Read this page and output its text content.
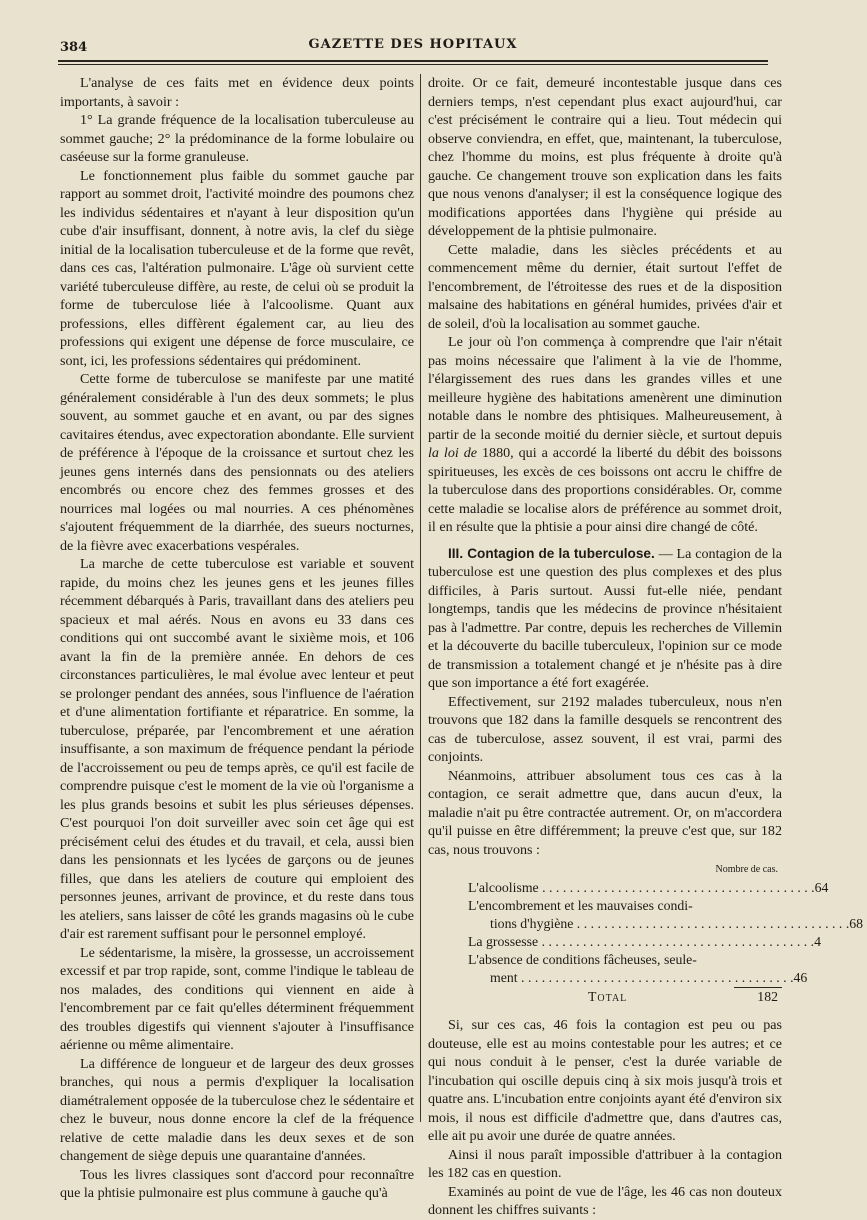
384	GAZETTE DES HOPITAUX

L'analyse de ces faits met en évidence deux points importants, à savoir :

1° La grande fréquence de la localisation tuberculeuse au sommet gauche; 2° la prédominance de la forme lobulaire ou caséeuse sur la forme granuleuse.

Le fonctionnement plus faible du sommet gauche par rapport au sommet droit, l'activité moindre des poumons chez les individus sédentaires et n'ayant à leur disposition qu'un cube d'air insuffisant, donnent, à notre avis, la clef du siège initial de la localisation tuberculeuse et de la forme que revêt, dans ces cas, l'altération pulmonaire. L'âge où survient cette variété tuberculeuse diffère, au reste, de celui où se produit la forme de tuberculose liée à l'alcoolisme. Quant aux professions, elles diffèrent également car, au lieu des professions qui exigent une dépense de force musculaire, ce sont, ici, les professions sédentaires qui prédominent.

Cette forme de tuberculose se manifeste par une matité généralement considérable à l'un des deux sommets; le plus souvent, au sommet gauche et en avant, ou par des signes cavitaires étendus, avec expectoration abondante. Elle survient de préférence à l'époque de la croissance et surtout chez les jeunes gens internés dans des pensionnats ou des ateliers encombrés ou encore chez des femmes grosses et des nourrices mal logées ou mal nourries. A ces phénomènes s'ajoutent fréquemment de la diarrhée, des sueurs nocturnes, de la fièvre avec exacerbations vespérales.

La marche de cette tuberculose est variable et souvent rapide, du moins chez les jeunes gens et les jeunes filles récemment débarqués à Paris, travaillant dans des ateliers peu spacieux et mal aérés. Nous en avons eu 33 dans ces conditions qui ont succombé avant le sixième mois, et 106 avant la fin de la première année. En dehors de ces circonstances particulières, le mal évolue avec lenteur et peut se prolonger pendant des années, sous l'influence de l'aération et d'une alimentation fortifiante et réparatrice. En somme, la tuberculose, préparée, par l'encombrement et une aération insuffisante, a son maximum de fréquence pendant la période de l'accroissement ou peu de temps après, ce qu'il est facile de comprendre puisque c'est le moment de la vie où l'organisme a les plus grands besoins et subit les plus sérieuses dépenses. C'est pourquoi l'on doit surveiller avec soin cet âge qui est précisément celui des études et du travail, et cela, aussi bien dans les pensionnats et les lycées de garçons ou de jeunes filles, que dans les ateliers de couture qui emploient des personnes jeunes, arrivant de province, et du reste dans tous les ateliers, sans laisser de côté les grands magasins où le cube d'air est rarement suffisant pour le personnel employé.

Le sédentarisme, la misère, la grossesse, un accroissement excessif et par trop rapide, sont, comme l'indique le tableau de nos malades, des conditions qui viennent en aide à l'encombrement par ce fait qu'elles déterminent fréquemment des troubles digestifs qui viennent s'ajouter à l'insuffisance aérienne ou même alimentaire.

La différence de longueur et de largeur des deux grosses branches, qui nous a permis d'expliquer la localisation diamétralement opposée de la tuberculose chez le sédentaire et chez le buveur, nous donne encore la clef de la fréquence relative de cette maladie dans les deux sexes et de son changement de siège depuis une quarantaine d'années.

Tous les livres classiques sont d'accord pour reconnaître que la phtisie pulmonaire est plus commune à gauche qu'à

droite. Or ce fait, demeuré incontestable jusque dans ces derniers temps, n'est cependant plus exact aujourd'hui, car c'est précisément le contraire qui a lieu. Tout médecin qui observe conviendra, en effet, que, maintenant, la tuberculose, chez l'homme du moins, est plus fréquente à droite qu'à gauche. Ce changement trouve son explication dans les faits que nous venons d'analyser; il est la conséquence logique des modifications apportées dans l'hygiène qui préside au développement de la phtisie pulmonaire.

Cette maladie, dans les siècles précédents et au commencement même du dernier, était surtout l'effet de l'encombrement, de l'étroitesse des rues et de la disposition malsaine des habitations en général humides, privées d'air et de soleil, d'où la localisation au sommet gauche.

Le jour où l'on commença à comprendre que l'air n'était pas moins nécessaire que l'aliment à la vie de l'homme, l'élargissement des rues dans les grandes villes et une meilleure hygiène des habitations amenèrent une diminution notable dans le nombre des phtisiques. Malheureusement, à partir de la seconde moitié du dernier siècle, et surtout depuis la loi de 1880, qui a accordé la liberté du débit des boissons spiritueuses, les excès de ces boissons ont accru le chiffre de la tuberculose dans des proportions considérables. Or, comme cette maladie se localise alors de préférence au sommet droit, il en résulte que la phtisie a pour ainsi dire changé de côté.

III. Contagion de la tuberculose. — La contagion de la tuberculose est une question des plus complexes et des plus difficiles, à Paris surtout. Aussi fut-elle niée, pendant longtemps, tandis que les médecins de province n'hésitaient pas à l'admettre. Par contre, depuis les recherches de Villemin et la découverte du bacille tuberculeux, l'opinion sur ce mode de transmission a totalement changé et je n'hésite pas à dire que son importance a été fort exagérée.

Effectivement, sur 2192 malades tuberculeux, nous n'en trouvons que 182 dans la famille desquels se rencontrent des cas de tuberculose, assez souvent, il est vrai, parmi des conjoints.

Néanmoins, attribuer absolument tous ces cas à la contagion, ce serait admettre que, dans aucun d'eux, la maladie n'ait pu être contractée autrement. Or, on m'accordera qu'il puisse en être différemment; la preuve c'est que, sur 182 cas, nous trouvons :

Nombre de cas.
L'alcoolisme . . . . . . . . . . . . . . . . . . . . . . . . . . . . . . . . . . . . . . . . 64
L'encombrement et les mauvaises condi-
tions d'hygiène . . . . . . . . . . . . . . . . . . . . . . . . . . . . . . . . . . . . . . . . 68
La grossesse . . . . . . . . . . . . . . . . . . . . . . . . . . . . . . . . . . . . . . . . 4
L'absence de conditions fâcheuses, seule-
ment . . . . . . . . . . . . . . . . . . . . . . . . . . . . . . . . . . . . . . . . 46
Total	182

Si, sur ces cas, 46 fois la contagion est peu ou pas douteuse, elle est au moins contestable pour les autres; et ce qui nous conduit à le penser, c'est la durée variable de l'incubation qui oscille depuis cinq à six mois jusqu'à trois et quatre ans. L'incubation entre conjoints ayant été d'environ six mois, il nous est difficile d'admettre que, dans d'autres cas, elle ait pu avoir une durée de quatre années.

Ainsi il nous paraît impossible d'attribuer à la contagion les 182 cas en question.

Examinés au point de vue de l'âge, les 46 cas non douteux donnent les chiffres suivants :
